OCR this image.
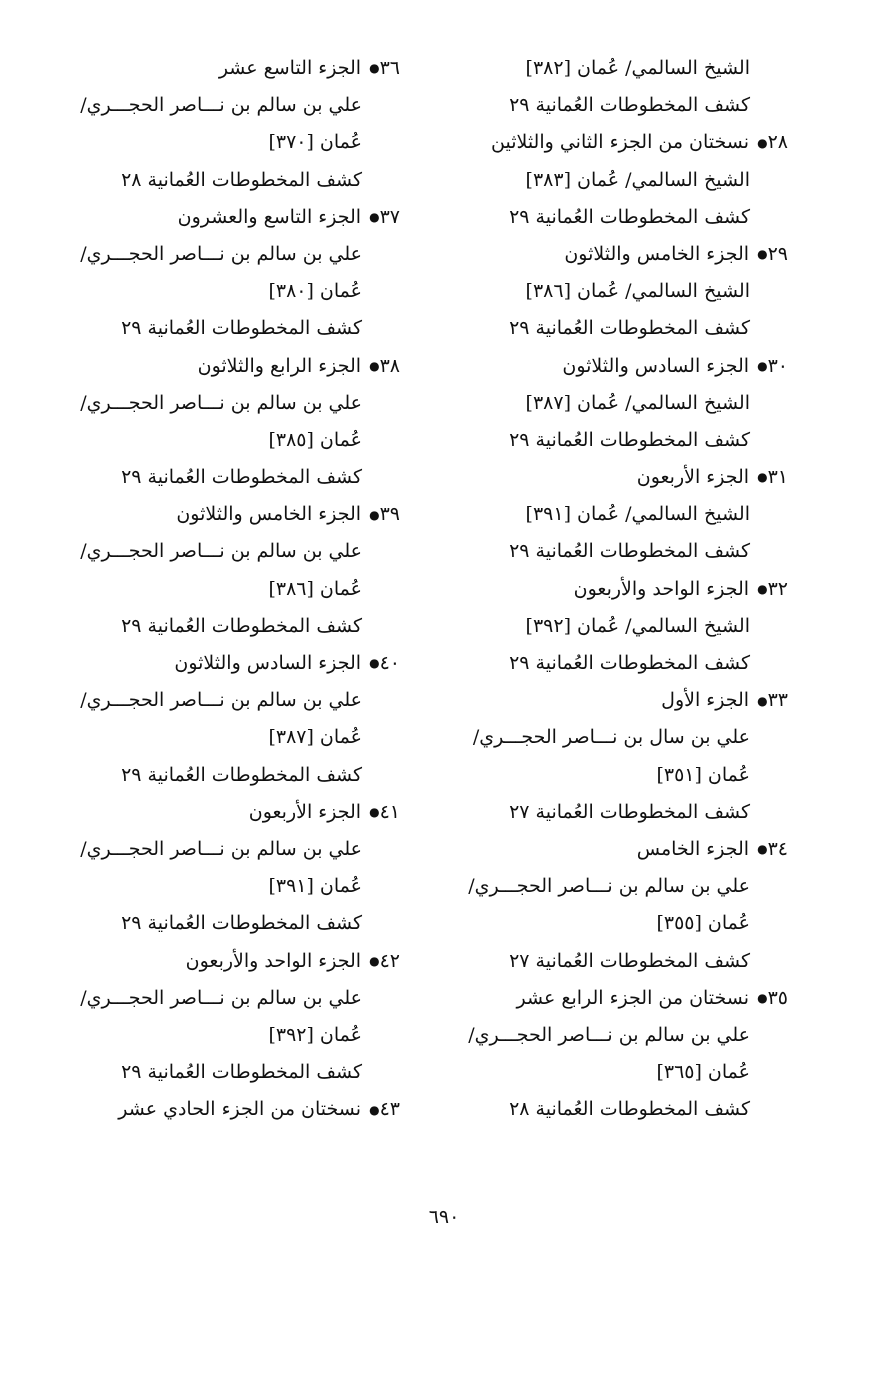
الشيخ السالمي/ عُمان [٣٨٢]
كشف المخطوطات العُمانية ٢٩
٢٨● نسختان من الجزء الثاني والثلاثين
الشيخ السالمي/ عُمان [٣٨٣]
كشف المخطوطات العُمانية ٢٩
٢٩● الجزء الخامس والثلاثون
الشيخ السالمي/ عُمان [٣٨٦]
كشف المخطوطات العُمانية ٢٩
٣٠● الجزء السادس والثلاثون
الشيخ السالمي/ عُمان [٣٨٧]
كشف المخطوطات العُمانية ٢٩
٣١● الجزء الأربعون
الشيخ السالمي/ عُمان [٣٩١]
كشف المخطوطات العُمانية ٢٩
٣٢● الجزء الواحد والأربعون
الشيخ السالمي/ عُمان [٣٩٢]
كشف المخطوطات العُمانية ٢٩
٣٣● الجزء الأول
علي بن سال بن نـــاصر الحجـــري/
عُمان [٣٥١]
كشف المخطوطات العُمانية ٢٧
٣٤● الجزء الخامس
علي بن سالم بن نـــاصر الحجـــري/
عُمان [٣٥٥]
كشف المخطوطات العُمانية ٢٧
٣٥● نسختان من الجزء الرابع عشر
علي بن سالم بن نـــاصر الحجـــري/
عُمان [٣٦٥]
كشف المخطوطات العُمانية ٢٨
٣٦● الجزء التاسع عشر
علي بن سالم بن نـــاصر الحجـــري/
عُمان [٣٧٠]
كشف المخطوطات العُمانية ٢٨
٣٧● الجزء التاسع والعشرون
علي بن سالم بن نـــاصر الحجـــري/
عُمان [٣٨٠]
كشف المخطوطات العُمانية ٢٩
٣٨● الجزء الرابع والثلاثون
علي بن سالم بن نـــاصر الحجـــري/
عُمان [٣٨٥]
كشف المخطوطات العُمانية ٢٩
٣٩● الجزء الخامس والثلاثون
علي بن سالم بن نـــاصر الحجـــري/
عُمان [٣٨٦]
كشف المخطوطات العُمانية ٢٩
٤٠● الجزء السادس والثلاثون
علي بن سالم بن نـــاصر الحجـــري/
عُمان [٣٨٧]
كشف المخطوطات العُمانية ٢٩
٤١● الجزء الأربعون
علي بن سالم بن نـــاصر الحجـــري/
عُمان [٣٩١]
كشف المخطوطات العُمانية ٢٩
٤٢● الجزء الواحد والأربعون
علي بن سالم بن نـــاصر الحجـــري/
عُمان [٣٩٢]
كشف المخطوطات العُمانية ٢٩
٤٣● نسختان من الجزء الحادي عشر
٦٩٠
